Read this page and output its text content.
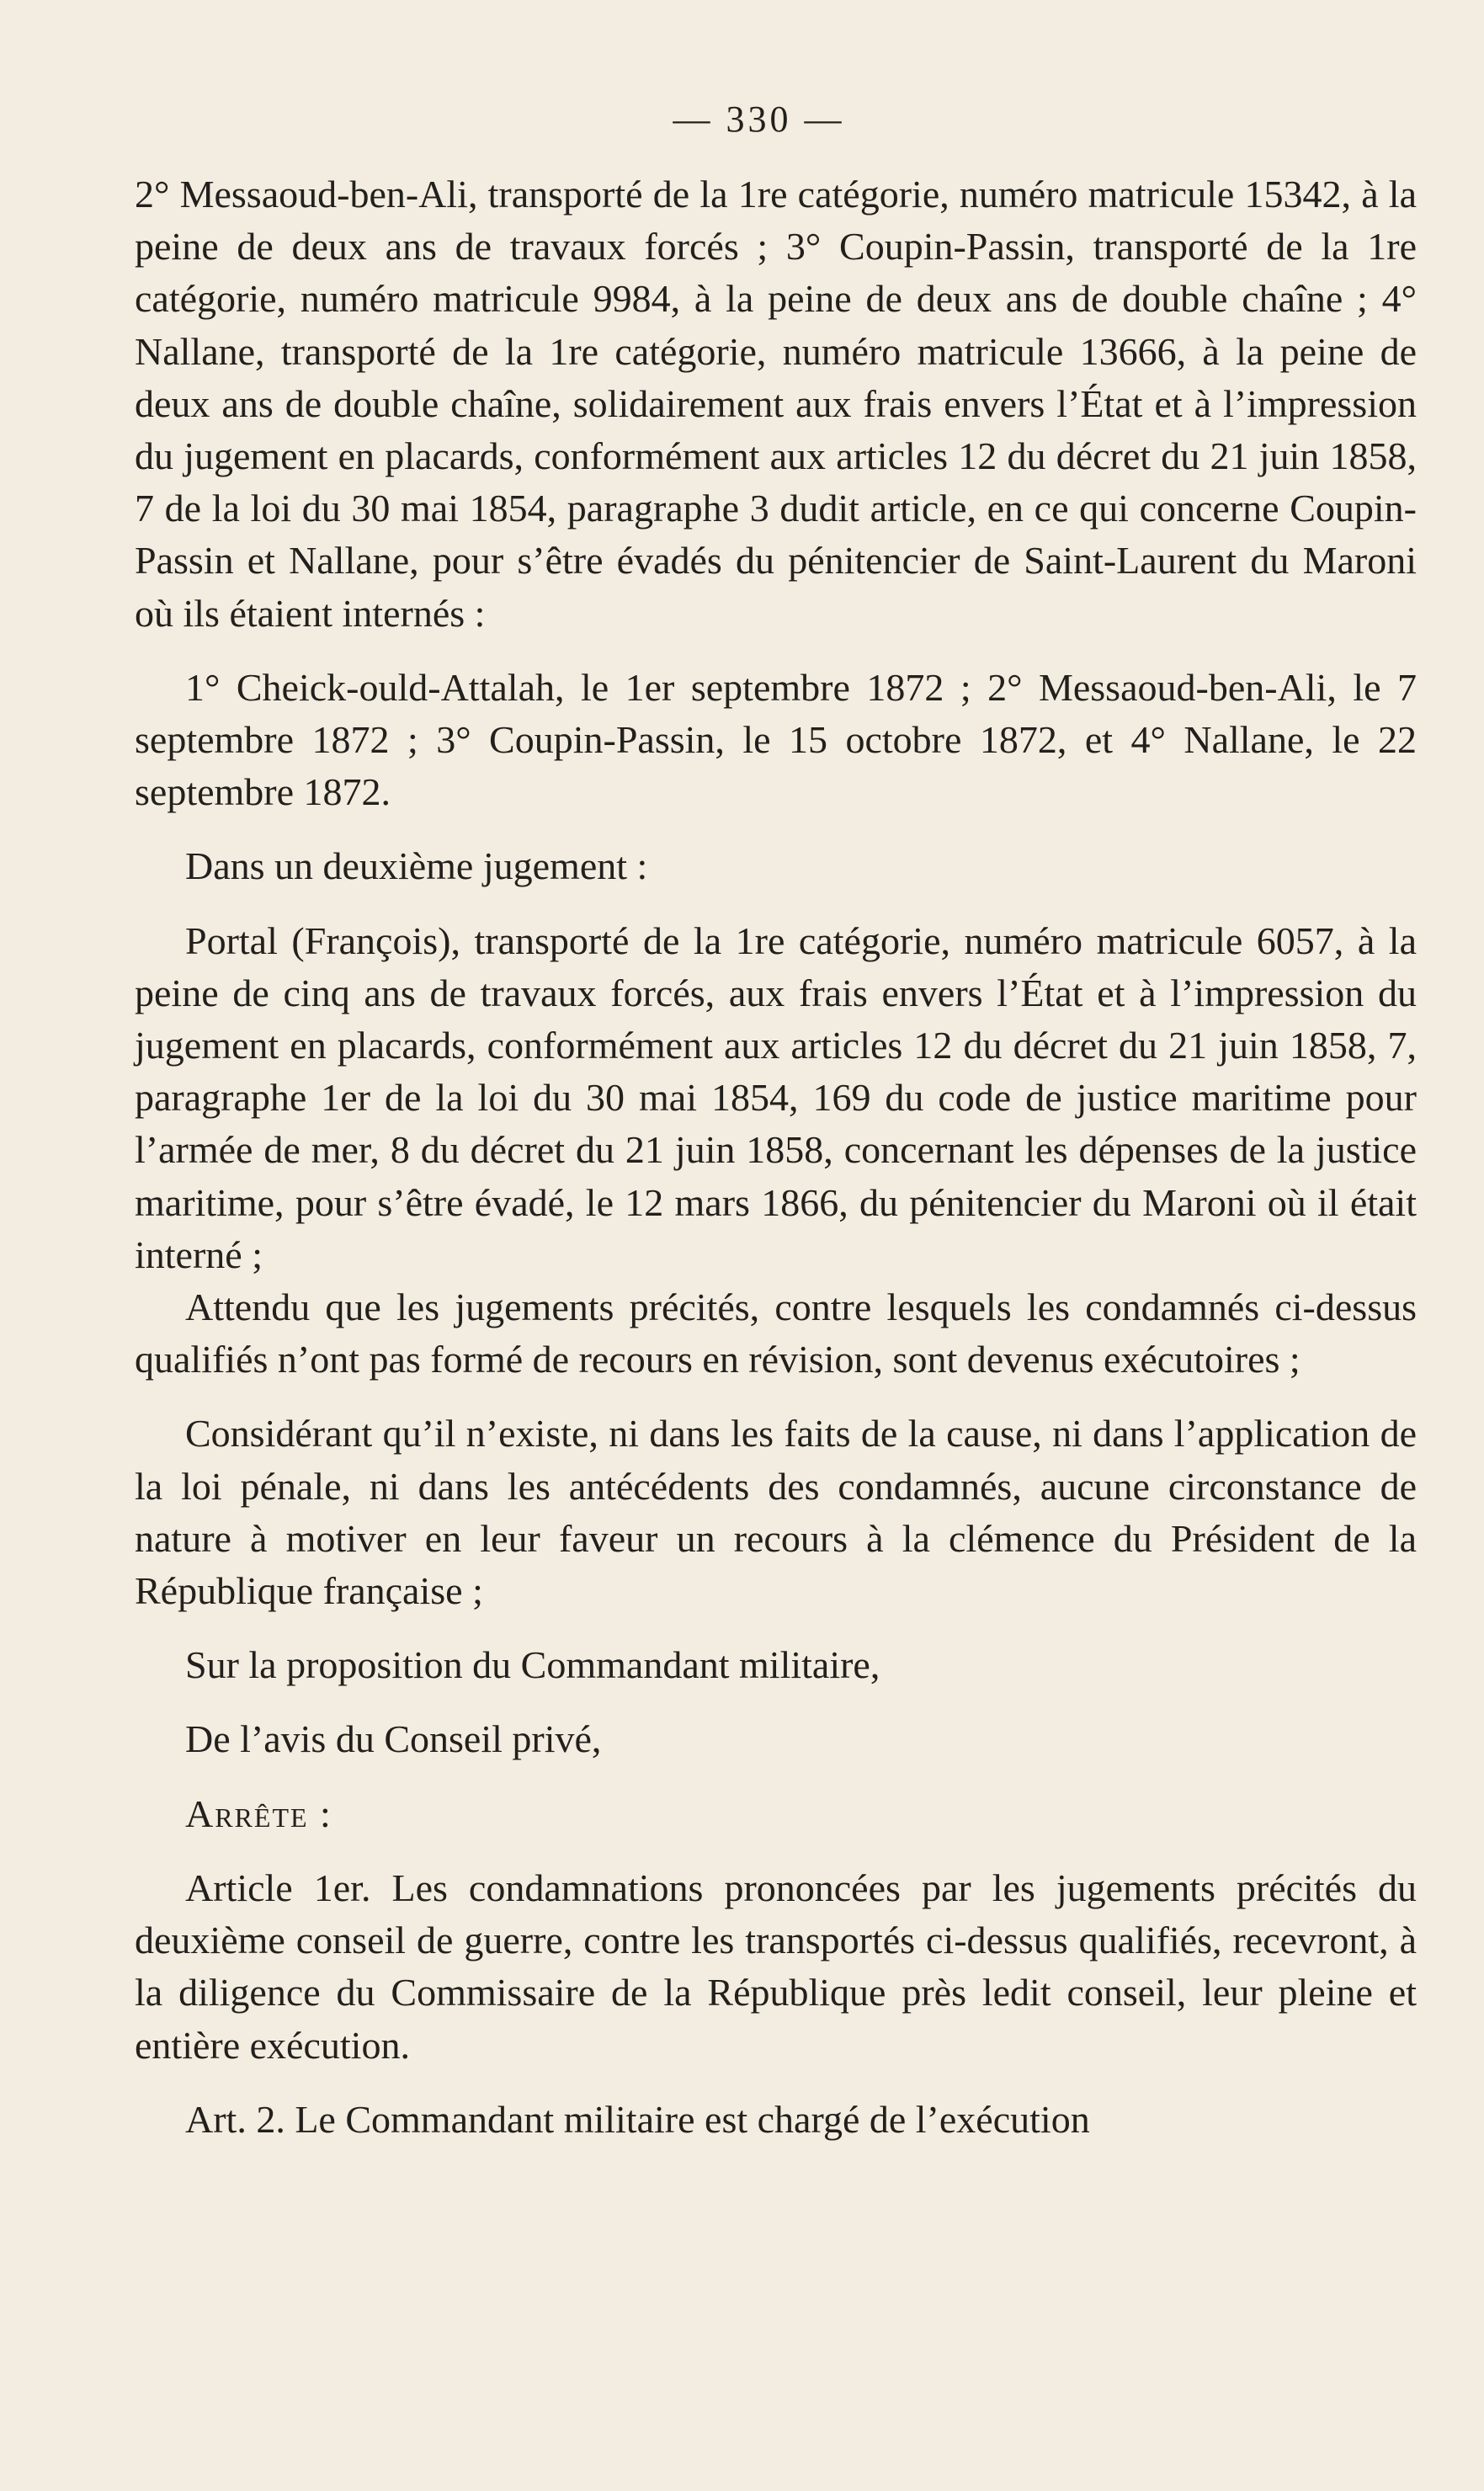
— 330 —

2° Messaoud-ben-Ali, transporté de la 1re catégorie, numéro matricule 15342, à la peine de deux ans de travaux forcés ; 3° Coupin-Passin, transporté de la 1re catégorie, numéro matricule 9984, à la peine de deux ans de double chaîne ; 4° Nallane, transporté de la 1re catégorie, numéro matricule 13666, à la peine de deux ans de double chaîne, solidairement aux frais envers l’État et à l’impression du jugement en placards, conformément aux articles 12 du décret du 21 juin 1858, 7 de la loi du 30 mai 1854, paragraphe 3 dudit article, en ce qui concerne Coupin-Passin et Nallane, pour s’être évadés du pénitencier de Saint-Laurent du Maroni où ils étaient internés :

1° Cheick-ould-Attalah, le 1er septembre 1872 ; 2° Messaoud-ben-Ali, le 7 septembre 1872 ; 3° Coupin-Passin, le 15 octobre 1872, et 4° Nallane, le 22 septembre 1872.

Dans un deuxième jugement :

Portal (François), transporté de la 1re catégorie, numéro matricule 6057, à la peine de cinq ans de travaux forcés, aux frais envers l’État et à l’impression du jugement en placards, conformément aux articles 12 du décret du 21 juin 1858, 7, paragraphe 1er de la loi du 30 mai 1854, 169 du code de justice maritime pour l’armée de mer, 8 du décret du 21 juin 1858, concernant les dépenses de la justice maritime, pour s’être évadé, le 12 mars 1866, du pénitencier du Maroni où il était interné ;

Attendu que les jugements précités, contre lesquels les condamnés ci-dessus qualifiés n’ont pas formé de recours en révision, sont devenus exécutoires ;

Considérant qu’il n’existe, ni dans les faits de la cause, ni dans l’application de la loi pénale, ni dans les antécédents des condamnés, aucune circonstance de nature à motiver en leur faveur un recours à la clémence du Président de la République française ;

Sur la proposition du Commandant militaire,

De l’avis du Conseil privé,

Arrête :

Article 1er. Les condamnations prononcées par les jugements précités du deuxième conseil de guerre, contre les transportés ci-dessus qualifiés, recevront, à la diligence du Commissaire de la République près ledit conseil, leur pleine et entière exécution.

Art. 2. Le Commandant militaire est chargé de l’exécution
